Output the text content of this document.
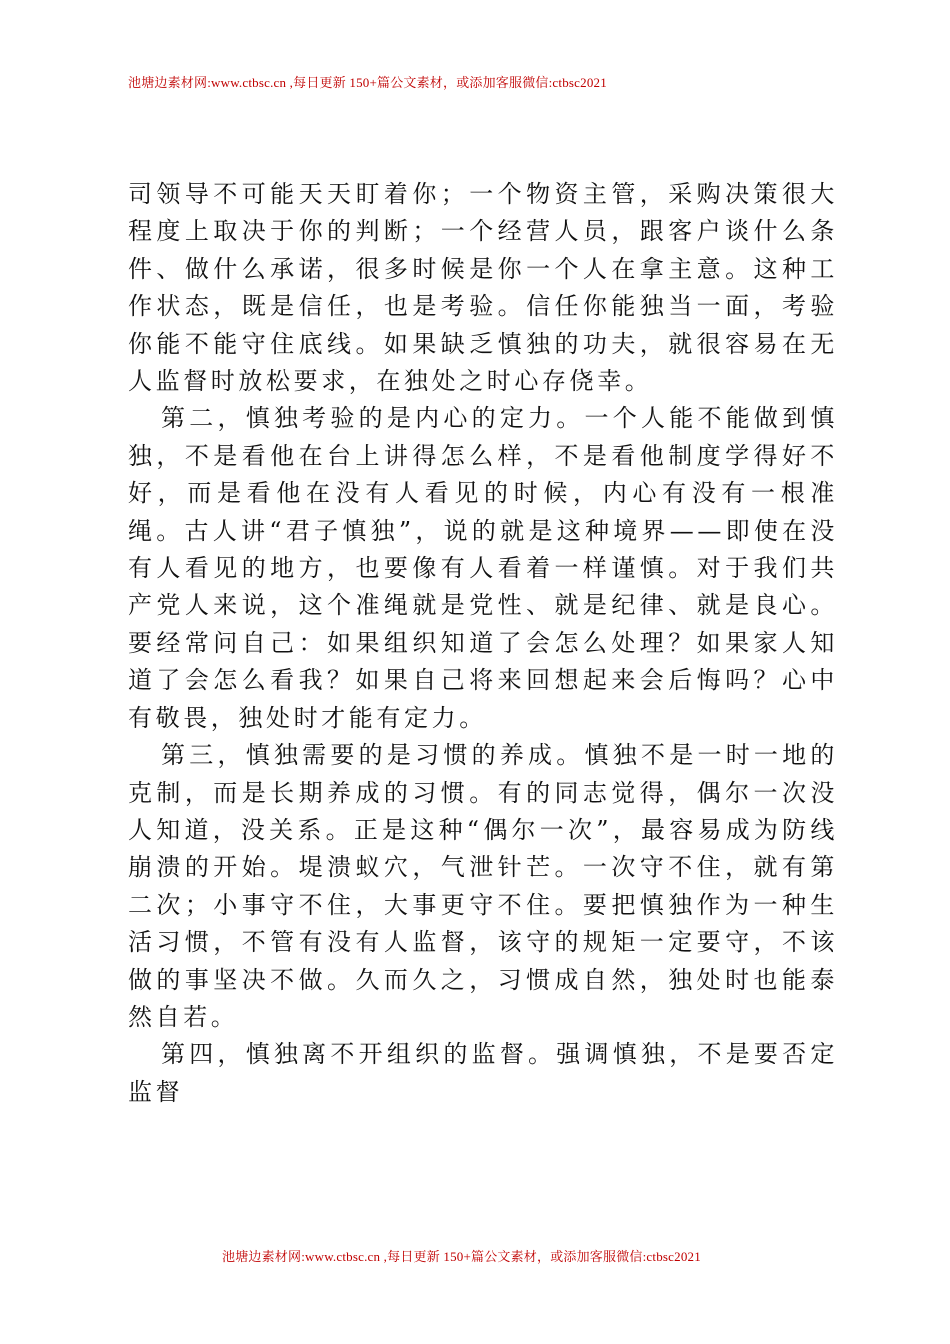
池塘边素材网:www.ctbsc.cn ,每日更新 150+篇公文素材，或添加客服微信:ctbsc2021

司领导不可能天天盯着你；一个物资主管，采购决策很大程度上取决于你的判断；一个经营人员，跟客户谈什么条件、做什么承诺，很多时候是你一个人在拿主意。这种工作状态，既是信任，也是考验。信任你能独当一面，考验你能不能守住底线。如果缺乏慎独的功夫，就很容易在无人监督时放松要求，在独处之时心存侥幸。

第二，慎独考验的是内心的定力。一个人能不能做到慎独，不是看他在台上讲得怎么样，不是看他制度学得好不好，而是看他在没有人看见的时候，内心有没有一根准绳。古人讲“君子慎独”，说的就是这种境界——即使在没有人看见的地方，也要像有人看着一样谨慎。对于我们共产党人来说，这个准绳就是党性、就是纪律、就是良心。要经常问自己：如果组织知道了会怎么处理？如果家人知道了会怎么看我？如果自己将来回想起来会后悔吗？心中有敬畏，独处时才能有定力。

第三，慎独需要的是习惯的养成。慎独不是一时一地的克制，而是长期养成的习惯。有的同志觉得，偶尔一次没人知道，没关系。正是这种“偶尔一次”，最容易成为防线崩溃的开始。堤溃蚁穴，气泄针芒。一次守不住，就有第二次；小事守不住，大事更守不住。要把慎独作为一种生活习惯，不管有没有人监督，该守的规矩一定要守，不该做的事坚决不做。久而久之，习惯成自然，独处时也能泰然自若。

第四，慎独离不开组织的监督。强调慎独，不是要否定监督

池塘边素材网:www.ctbsc.cn ,每日更新 150+篇公文素材，或添加客服微信:ctbsc2021
